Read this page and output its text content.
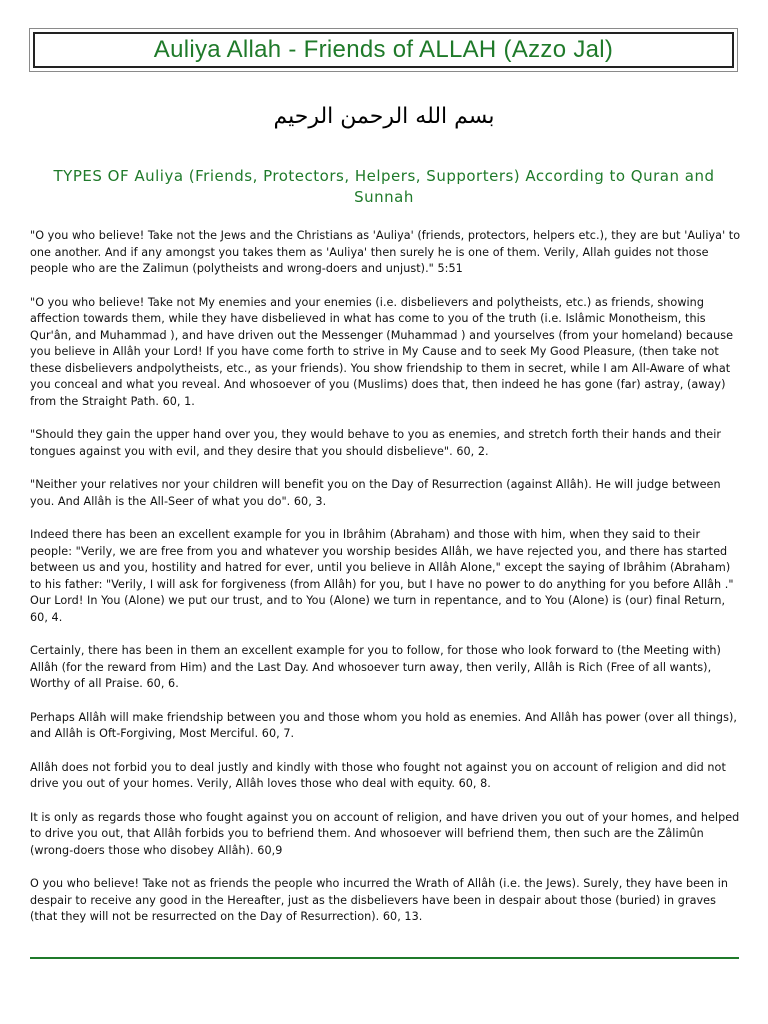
Auliya Allah - Friends of ALLAH (Azzo Jal)
بسم الله الرحمن الرحيم
TYPES OF Auliya (Friends, Protectors, Helpers, Supporters) According to Quran and Sunnah

"O you who believe! Take not the Jews and the Christians as 'Auliya' (friends, protectors, helpers etc.), they are but 'Auliya' to one another. And if any amongst you takes them as 'Auliya' then surely he is one of them. Verily, Allah guides not those people who are the Zalimun (polytheists and wrong-doers and unjust)." 5:51

"O you who believe! Take not My enemies and your enemies (i.e. disbelievers and polytheists, etc.) as friends, showing affection towards them, while they have disbelieved in what has come to you of the truth (i.e. Islâmic Monotheism, this Qur'ân, and Muhammad ), and have driven out the Messenger (Muhammad ) and yourselves (from your homeland) because you believe in Allâh your Lord! If you have come forth to strive in My Cause and to seek My Good Pleasure, (then take not these disbelievers andpolytheists, etc., as your friends). You show friendship to them in secret, while I am All-Aware of what you conceal and what you reveal. And whosoever of you (Muslims) does that, then indeed he has gone (far) astray, (away) from the Straight Path. 60, 1.

"Should they gain the upper hand over you, they would behave to you as enemies, and stretch forth their hands and their tongues against you with evil, and they desire that you should disbelieve". 60, 2.

"Neither your relatives nor your children will benefit you on the Day of Resurrection (against Allâh). He will judge between you. And Allâh is the All-Seer of what you do". 60, 3.

Indeed there has been an excellent example for you in Ibrâhim (Abraham) and those with him, when they said to their people: "Verily, we are free from you and whatever you worship besides Allâh, we have rejected you, and there has started between us and you, hostility and hatred for ever, until you believe in Allâh Alone," except the saying of Ibrâhim (Abraham) to his father: "Verily, I will ask for forgiveness (from Allâh) for you, but I have no power to do anything for you before Allâh ." Our Lord! In You (Alone) we put our trust, and to You (Alone) we turn in repentance, and to You (Alone) is (our) final Return, 60, 4.

Certainly, there has been in them an excellent example for you to follow, for those who look forward to (the Meeting with) Allâh (for the reward from Him) and the Last Day. And whosoever turn away, then verily, Allâh is Rich (Free of all wants), Worthy of all Praise. 60, 6.

Perhaps Allâh will make friendship between you and those whom you hold as enemies. And Allâh has power (over all things), and Allâh is Oft-Forgiving, Most Merciful. 60, 7.

Allâh does not forbid you to deal justly and kindly with those who fought not against you on account of religion and did not drive you out of your homes. Verily, Allâh loves those who deal with equity. 60, 8.

It is only as regards those who fought against you on account of religion, and have driven you out of your homes, and helped to drive you out, that Allâh forbids you to befriend them. And whosoever will befriend them, then such are the Zâlimûn (wrong-doers those who disobey Allâh). 60,9

O you who believe! Take not as friends the people who incurred the Wrath of Allâh (i.e. the Jews). Surely, they have been in despair to receive any good in the Hereafter, just as the disbelievers have been in despair about those (buried) in graves (that they will not be resurrected on the Day of Resurrection). 60, 13.
